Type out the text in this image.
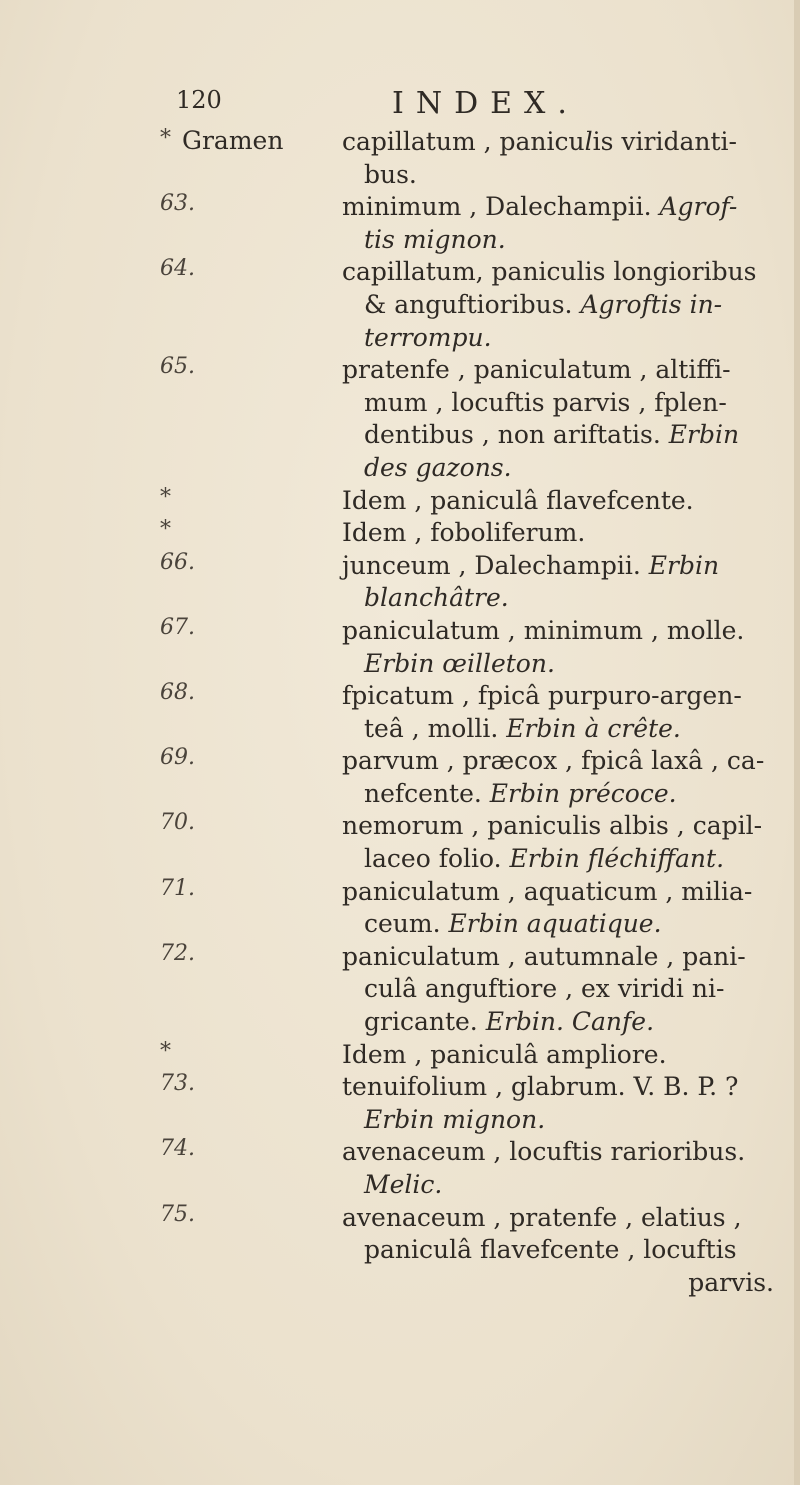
120	INDEX.
* Gramen capillatum , paniculis viridanti-
bus.
63.	minimum , Dalechampii. Agrof-
tis mignon.
64.	capillatum, paniculis longioribus
& anguftioribus. Agroftis in-
terrompu.
65.	pratenfe , paniculatum , altiffi-
mum , locuftis parvis , fplen-
dentibus , non ariftatis. Erbin
des gazons.
*	Idem , paniculâ flavefcente.
*	Idem , foboliferum.
66.	junceum , Dalechampii. Erbin
blanchâtre.
67.	paniculatum , minimum , molle.
Erbin œilleton.
68.	fpicatum , fpicâ purpuro-argen-
teâ , molli. Erbin à crête.
69.	parvum , præcox , fpicâ laxâ , ca-
nefcente. Erbin précoce.
70.	nemorum , paniculis albis , capil-
laceo folio. Erbin fléchiffant.
71.	paniculatum , aquaticum , milia-
ceum. Erbin aquatique.
72.	paniculatum , autumnale , pani-
culâ anguftiore , ex viridi ni-
gricante. Erbin. Canfe.
*	Idem , paniculâ ampliore.
73.	tenuifolium , glabrum. V. B. P. ?
Erbin mignon.
74.	avenaceum , locuftis rarioribus.
Melic.
75.	avenaceum , pratenfe , elatius ,
paniculâ flavefcente , locuftis
parvis.
